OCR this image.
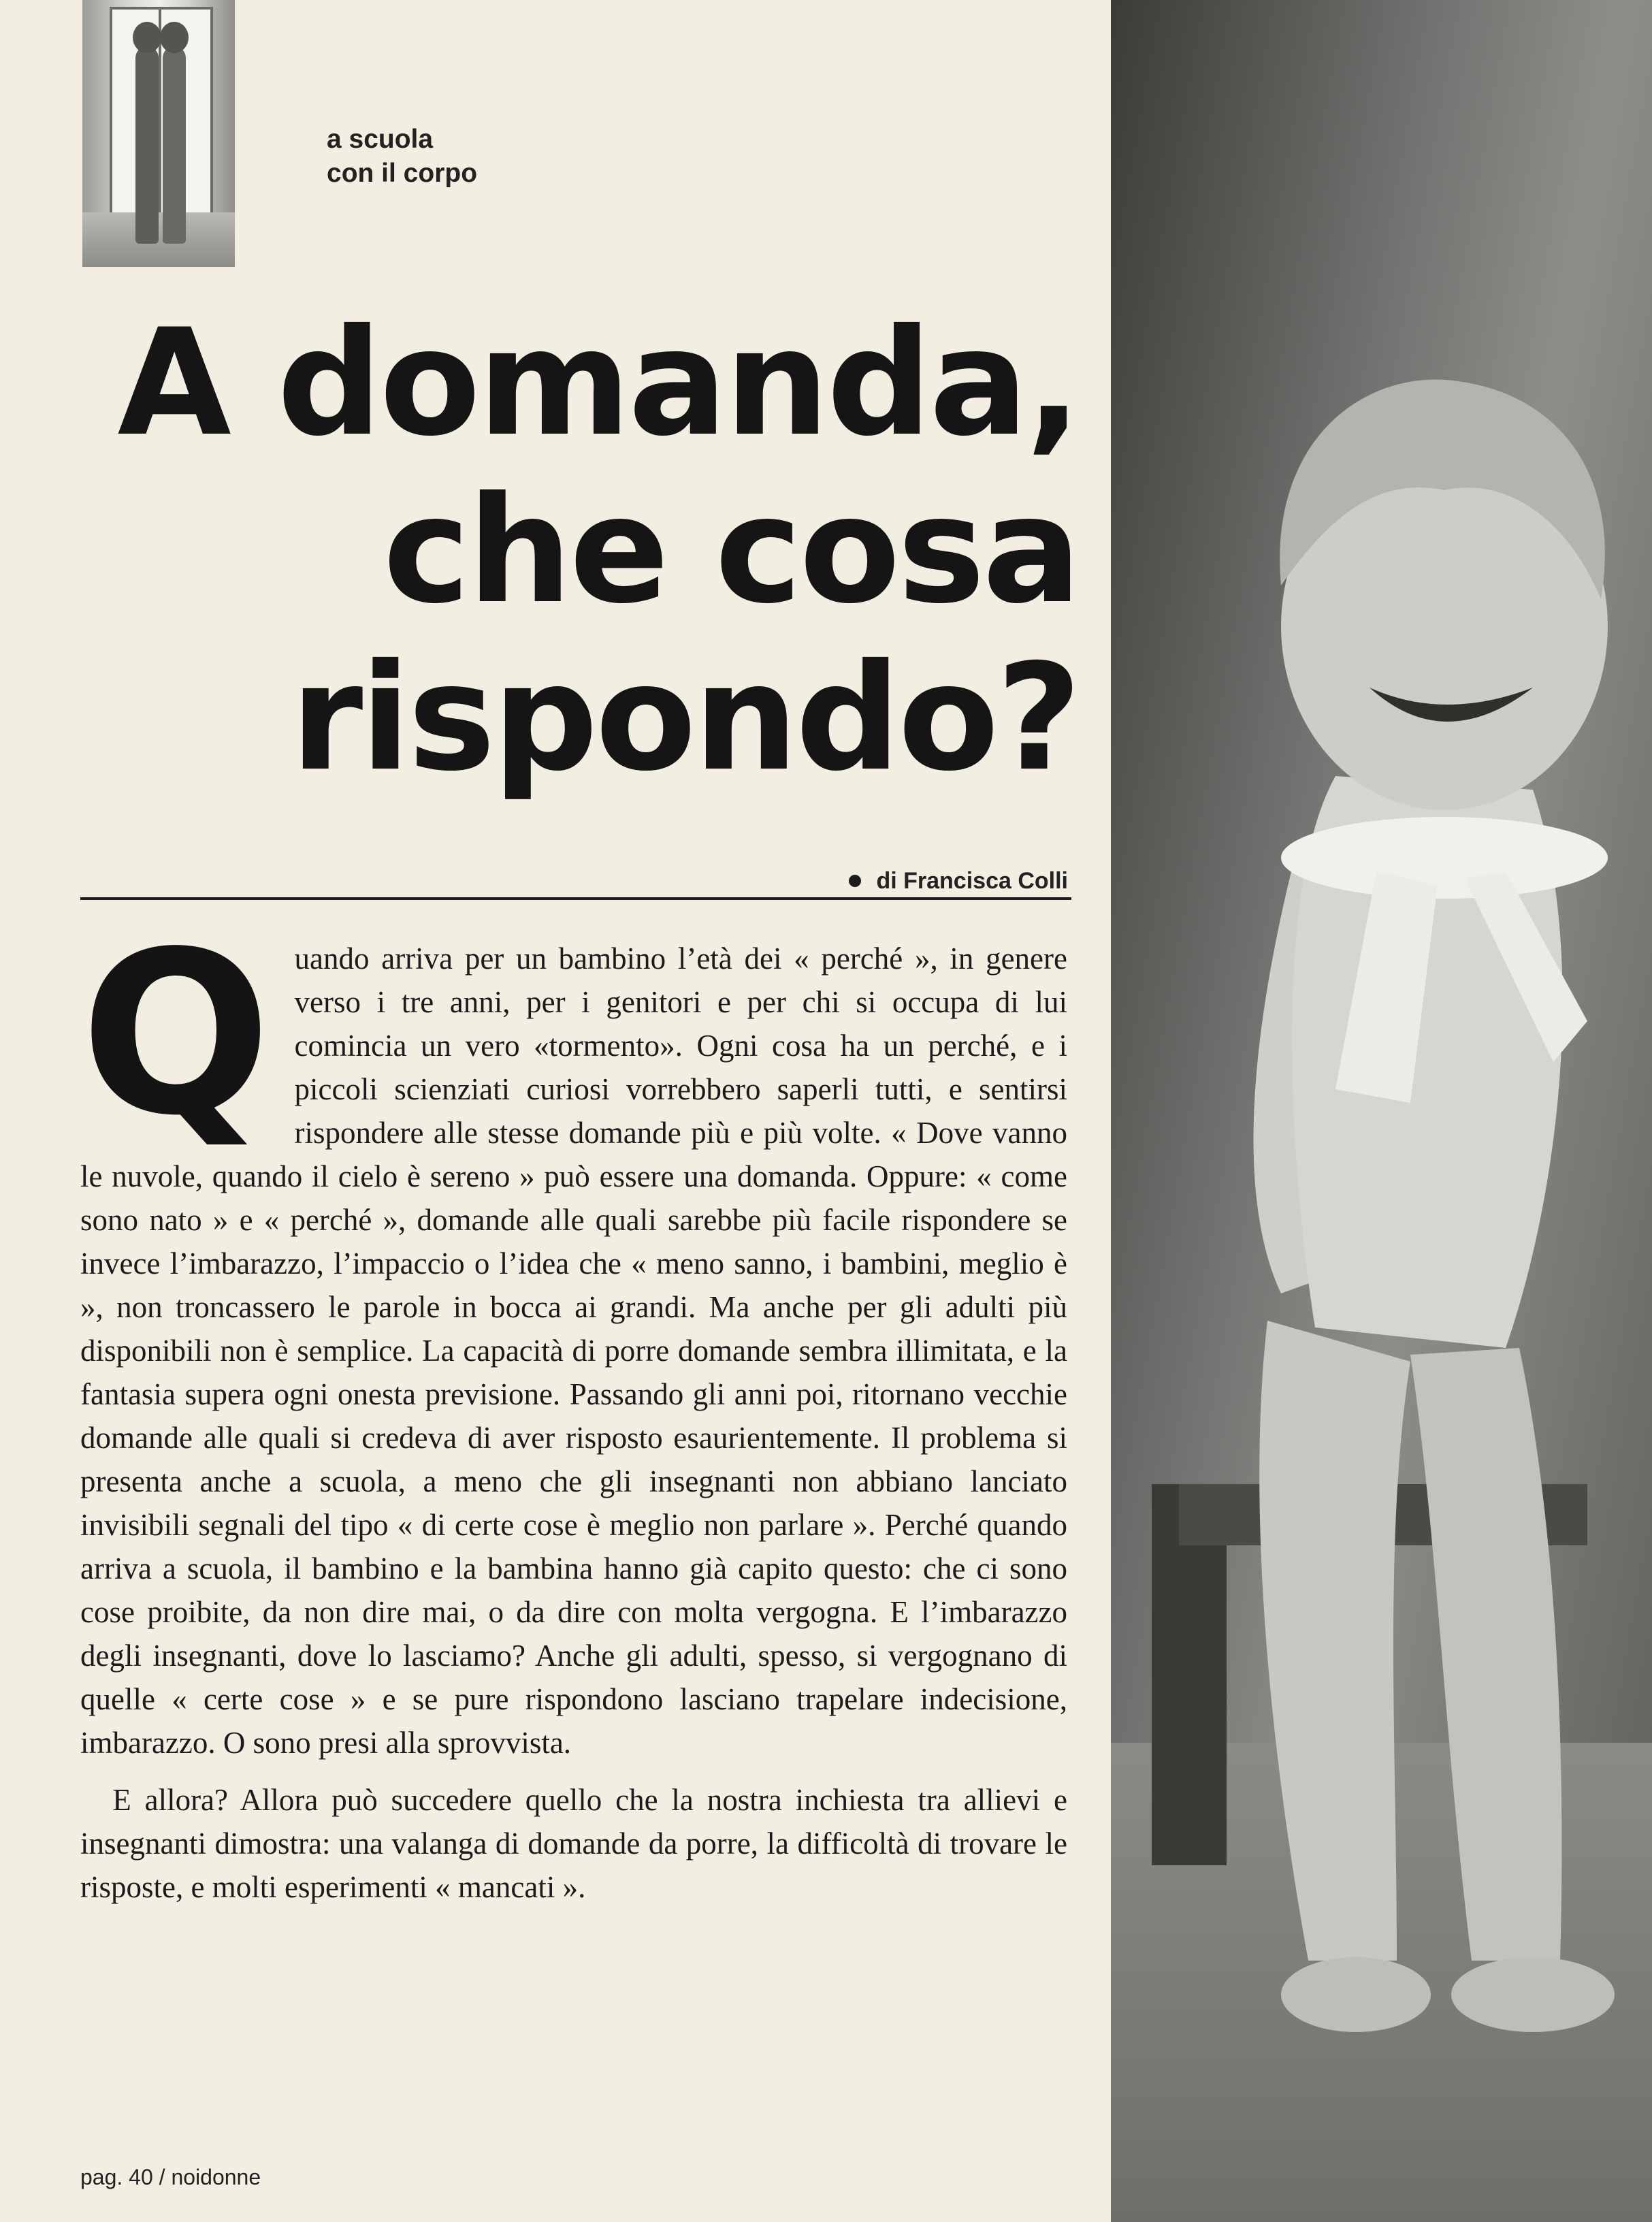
a scuola
con il corpo
A domanda,
che cosa
rispondo?
di Francisca Colli

Quando arriva per un bambino l’età dei « perché », in genere verso i tre anni, per i genitori e per chi si occupa di lui comincia un vero «tormento». Ogni cosa ha un perché, e i piccoli scienziati curiosi vorrebbero saperli tutti, e sentirsi rispondere alle stesse domande più e più volte. « Dove vanno le nuvole, quando il cielo è sereno » può essere una domanda. Oppure: « come sono nato » e « perché », domande alle quali sarebbe più facile rispondere se invece l’imbarazzo, l’impaccio o l’idea che « meno sanno, i bambini, meglio è », non troncassero le parole in bocca ai grandi. Ma anche per gli adulti più disponibili non è semplice. La capacità di porre domande sembra illimitata, e la fantasia supera ogni onesta previsione. Passando gli anni poi, ritornano vecchie domande alle quali si credeva di aver risposto esaurientemente. Il problema si presenta anche a scuola, a meno che gli insegnanti non abbiano lanciato invisibili segnali del tipo « di certe cose è meglio non parlare ». Perché quando arriva a scuola, il bambino e la bambina hanno già capito questo: che ci sono cose proibite, da non dire mai, o da dire con molta vergogna. E l’imbarazzo degli insegnanti, dove lo lasciamo? Anche gli adulti, spesso, si vergognano di quelle « certe cose » e se pure rispondono lasciano trapelare indecisione, imbarazzo. O sono presi alla sprovvista.

E allora? Allora può succedere quello che la nostra inchiesta tra allievi e insegnanti dimostra: una valanga di domande da porre, la difficoltà di trovare le risposte, e molti esperimenti « mancati ».

pag. 40 / noidonne
